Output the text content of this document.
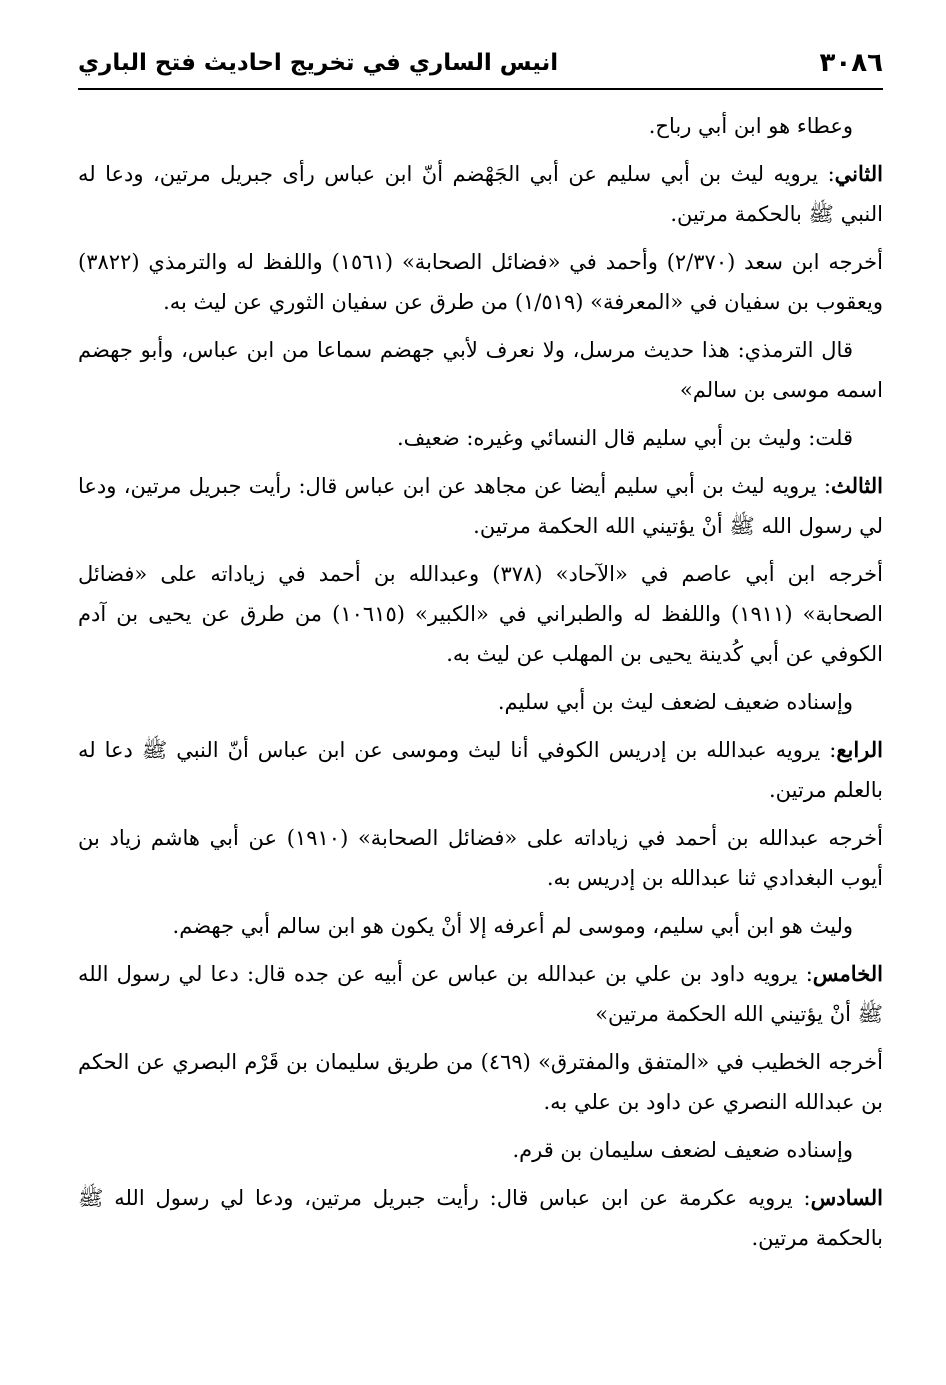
٣٠٨٦
انيس الساري في تخريج احاديث فتح الباري

وعطاء هو ابن أبي رباح.

الثاني: يرويه ليث بن أبي سليم عن أبي الجَهْضم أنّ ابن عباس رأى جبريل مرتين، ودعا له النبي ﷺ بالحكمة مرتين.

أخرجه ابن سعد (٢/٣٧٠) وأحمد في «فضائل الصحابة» (١٥٦١) واللفظ له والترمذي (٣٨٢٢) ويعقوب بن سفيان في «المعرفة» (١/٥١٩) من طرق عن سفيان الثوري عن ليث به.

قال الترمذي: هذا حديث مرسل، ولا نعرف لأبي جهضم سماعا من ابن عباس، وأبو جهضم اسمه موسى بن سالم»

قلت: وليث بن أبي سليم قال النسائي وغيره: ضعيف.

الثالث: يرويه ليث بن أبي سليم أيضا عن مجاهد عن ابن عباس قال: رأيت جبريل مرتين، ودعا لي رسول الله ﷺ أنْ يؤتيني الله الحكمة مرتين.

أخرجه ابن أبي عاصم في «الآحاد» (٣٧٨) وعبدالله بن أحمد في زياداته على «فضائل الصحابة» (١٩١١) واللفظ له والطبراني في «الكبير» (١٠٦١٥) من طرق عن يحيى بن آدم الكوفي عن أبي كُدينة يحيى بن المهلب عن ليث به.

وإسناده ضعيف لضعف ليث بن أبي سليم.

الرابع: يرويه عبدالله بن إدريس الكوفي أنا ليث وموسى عن ابن عباس أنّ النبي ﷺ دعا له بالعلم مرتين.

أخرجه عبدالله بن أحمد في زياداته على «فضائل الصحابة» (١٩١٠) عن أبي هاشم زياد بن أيوب البغدادي ثنا عبدالله بن إدريس به.

وليث هو ابن أبي سليم، وموسى لم أعرفه إلا أنْ يكون هو ابن سالم أبي جهضم.

الخامس: يرويه داود بن علي بن عبدالله بن عباس عن أبيه عن جده قال: دعا لي رسول الله ﷺ أنْ يؤتيني الله الحكمة مرتين»

أخرجه الخطيب في «المتفق والمفترق» (٤٦٩) من طريق سليمان بن قَرْم البصري عن الحكم بن عبدالله النصري عن داود بن علي به.

وإسناده ضعيف لضعف سليمان بن قرم.

السادس: يرويه عكرمة عن ابن عباس قال: رأيت جبريل مرتين، ودعا لي رسول الله ﷺ بالحكمة مرتين.
